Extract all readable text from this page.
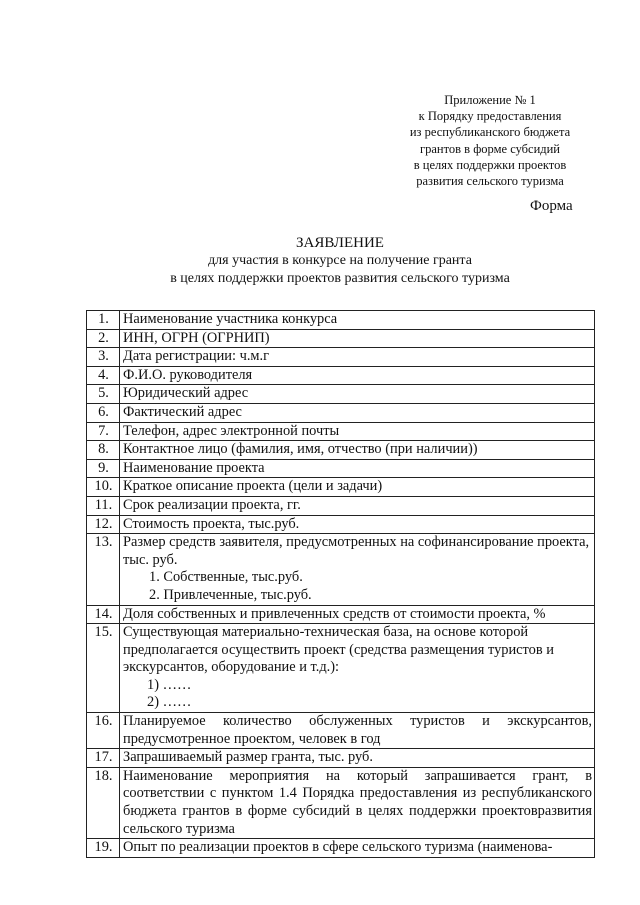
Приложение № 1
к Порядку предоставления
из республиканского бюджета
грантов в форме субсидий
в целях поддержки проектов
развития сельского туризма
Форма
ЗАЯВЛЕНИЕ
для участия в конкурсе на получение гранта
в целях поддержки проектов развития сельского туризма
1.	Наименование участника конкурса
2.	ИНН, ОГРН (ОГРНИП)
3.	Дата регистрации: ч.м.г
4.	Ф.И.О. руководителя
5.	Юридический адрес
6.	Фактический адрес
7.	Телефон, адрес электронной почты
8.	Контактное лицо (фамилия, имя, отчество (при наличии))
9.	Наименование проекта
10.	Краткое описание проекта (цели и задачи)
11.	Срок реализации проекта, гг.
12.	Стоимость проекта, тыс.руб.
13.	Размер средств заявителя, предусмотренных на софинансирование проекта, тыс. руб.
1. Собственные, тыс.руб.
2. Привлеченные, тыс.руб.

14.	Доля собственных и привлеченных средств от стоимости проекта, %
15.	Существующая материально-техническая база, на основе которой предполагается осуществить проект (средства размещения туристов и экскурсантов, оборудование и т.д.):
1) ……
2) ……

16.	Планируемое количество обслуженных туристов и экскурсантов, предусмотренное проектом, человек в год
17.	Запрашиваемый размер гранта, тыс. руб.
18.	Наименование мероприятия на который запрашивается грант, в соответствии с пунктом 1.4 Порядка предоставления из республиканского бюджета грантов в форме субсидий в целях поддержки проектовразвития сельского туризма
19.	Опыт по реализации проектов в сфере сельского туризма (наименова-
